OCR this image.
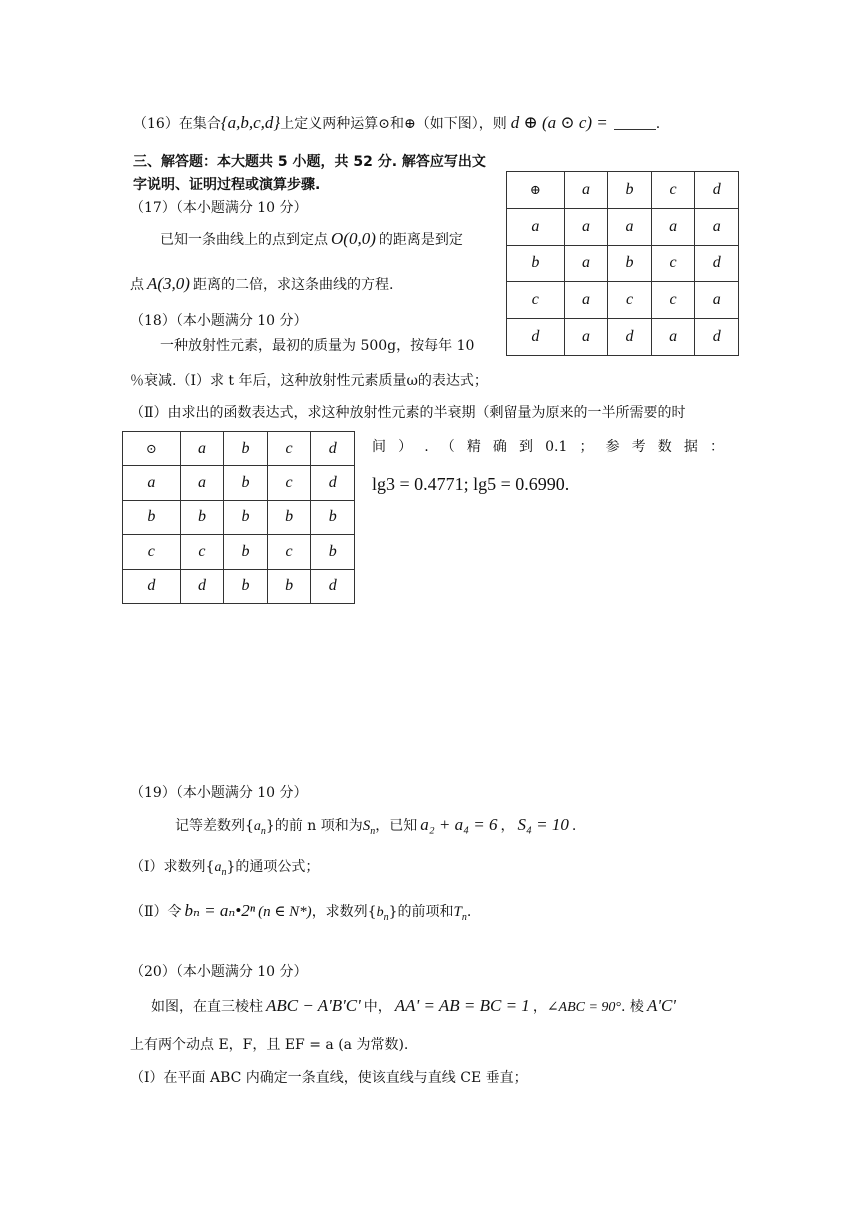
（16）在集合{a,b,c,d}上定义两种运算⊙和⊕（如下图），则 d ⊕ (a ⊙ c) =	.
三、解答题：本大题共 5 小题，共 52 分. 解答应写出文
字说明、证明过程或演算步骤.
（17）（本小题满分 10 分）
已知一条曲线上的点到定点 O(0,0) 的距离是到定
点 A(3,0) 距离的二倍，求这条曲线的方程.
（18）（本小题满分 10 分）
一种放射性元素，最初的质量为 500g，按每年 10
％衰减.（Ⅰ）求 t 年后，这种放射性元素质量ω的表达式；
（Ⅱ）由求出的函数表达式，求这种放射性元素的半衰期（剩留量为原来的一半所需要的时
间 ） . （ 精 确 到 0.1 ； 参 考 数 据 ：
lg3 = 0.4771; lg5 = 0.6990.
⊕	a	b	c	d
a	a	a	a	a
b	a	b	c	d
c	a	c	c	a
d	a	d	a	d
⊙	a	b	c	d
a	a	b	c	d
b	b	b	b	b
c	c	b	c	b
d	d	b	b	d
（19）（本小题满分 10 分）
记等差数列$\{a_n\}$的前 n 项和为$S_n$，已知 a₂ + a₄ = 6 ， S₄ = 10 .
（Ⅰ）求数列$\{a_n\}$的通项公式；
（Ⅱ）令 bₙ = aₙ•2ⁿ (n ∈ N*)，求数列$\{b_n\}$的前项和$T_n$.
（20）（本小题满分 10 分）
如图，在直三棱柱 ABC − A'B'C' 中， AA' = AB = BC = 1 ，∠ABC = 90°. 棱 A'C'
上有两个动点 E，F，且 EF = a (a 为常数).
（Ⅰ）在平面 ABC 内确定一条直线，使该直线与直线 CE 垂直；
